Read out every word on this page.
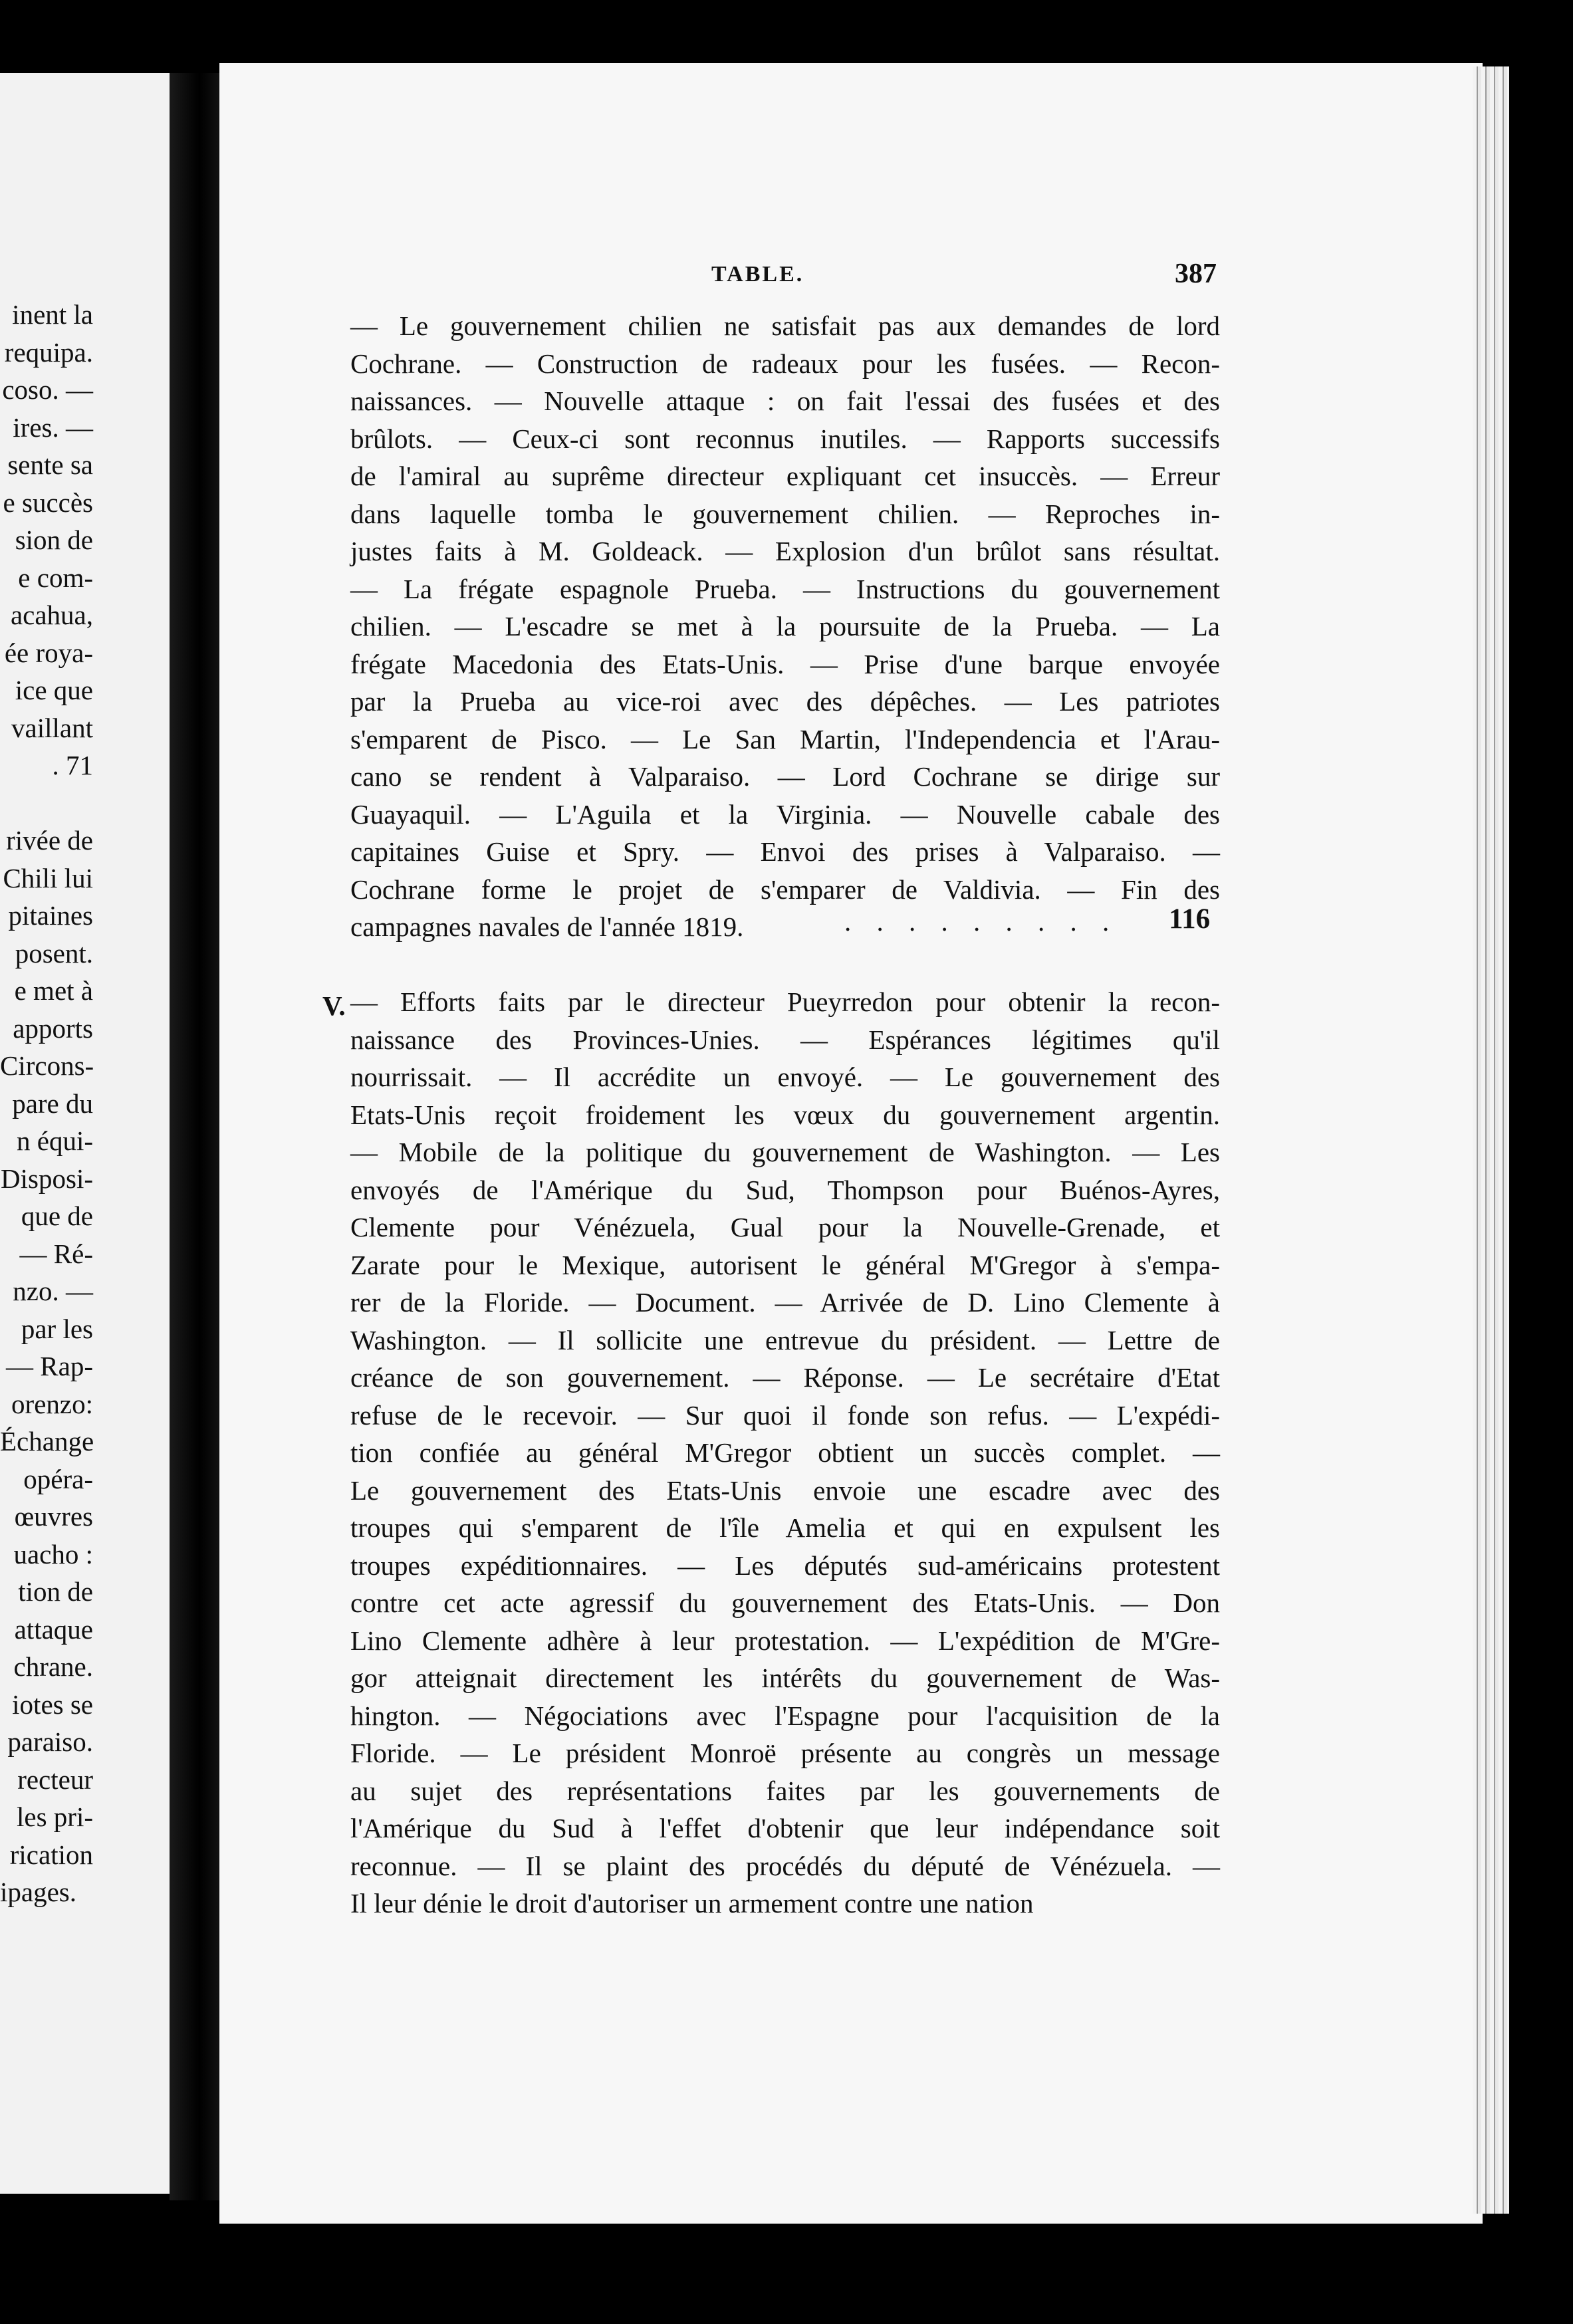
inent la
requipa.
coso. —
ires. —
sente sa
e succès
sion de
e com-
acahua,
ée roya-
ice que
vaillant
. 71
rivée de
Chili lui
pitaines
posent.
e met à
apports
Circons-
pare du
n équi-
Disposi-
que de
— Ré-
nzo. —
par les
— Rap-
orenzo:
Échange
opéra-
œuvres
uacho :
tion de
attaque
chrane.
iotes se
paraiso.
recteur
les pri-
rication
ipages.
TABLE.	387
— Le gouvernement chilien ne satisfait pas aux demandes de lord
Cochrane. — Construction de radeaux pour les fusées. — Recon-
naissances. — Nouvelle attaque : on fait l'essai des fusées et des
brûlots. — Ceux-ci sont reconnus inutiles. — Rapports successifs
de l'amiral au suprême directeur expliquant cet insuccès. — Erreur
dans laquelle tomba le gouvernement chilien. — Reproches in-
justes faits à M. Goldeack. — Explosion d'un brûlot sans résultat.
— La frégate espagnole Prueba. — Instructions du gouvernement
chilien. — L'escadre se met à la poursuite de la Prueba. — La
frégate Macedonia des Etats-Unis. — Prise d'une barque envoyée
par la Prueba au vice-roi avec des dépêches. — Les patriotes
s'emparent de Pisco. — Le San Martin, l'Independencia et l'Arau-
cano se rendent à Valparaiso. — Lord Cochrane se dirige sur
Guayaquil. — L'Aguila et la Virginia. — Nouvelle cabale des
capitaines Guise et Spry. — Envoi des prises à Valparaiso. —
Cochrane forme le projet de s'emparer de Valdivia. — Fin des
campagnes navales de l'année 1819.	. . . . . . . . .	116
V. — Efforts faits par le directeur Pueyrredon pour obtenir la recon-
naissance des Provinces-Unies. — Espérances légitimes qu'il
nourrissait. — Il accrédite un envoyé. — Le gouvernement des
Etats-Unis reçoit froidement les vœux du gouvernement argentin.
— Mobile de la politique du gouvernement de Washington. — Les
envoyés de l'Amérique du Sud, Thompson pour Buénos-Ayres,
Clemente pour Vénézuela, Gual pour la Nouvelle-Grenade, et
Zarate pour le Mexique, autorisent le général M'Gregor à s'empa-
rer de la Floride. — Document. — Arrivée de D. Lino Clemente à
Washington. — Il sollicite une entrevue du président. — Lettre de
créance de son gouvernement. — Réponse. — Le secrétaire d'Etat
refuse de le recevoir. — Sur quoi il fonde son refus. — L'expédi-
tion confiée au général M'Gregor obtient un succès complet. —
Le gouvernement des Etats-Unis envoie une escadre avec des
troupes qui s'emparent de l'île Amelia et qui en expulsent les
troupes expéditionnaires. — Les députés sud-américains protestent
contre cet acte agressif du gouvernement des Etats-Unis. — Don
Lino Clemente adhère à leur protestation. — L'expédition de M'Gre-
gor atteignait directement les intérêts du gouvernement de Was-
hington. — Négociations avec l'Espagne pour l'acquisition de la
Floride. — Le président Monroë présente au congrès un message
au sujet des représentations faites par les gouvernements de
l'Amérique du Sud à l'effet d'obtenir que leur indépendance soit
reconnue. — Il se plaint des procédés du député de Vénézuela. —
Il leur dénie le droit d'autoriser un armement contre une nation
